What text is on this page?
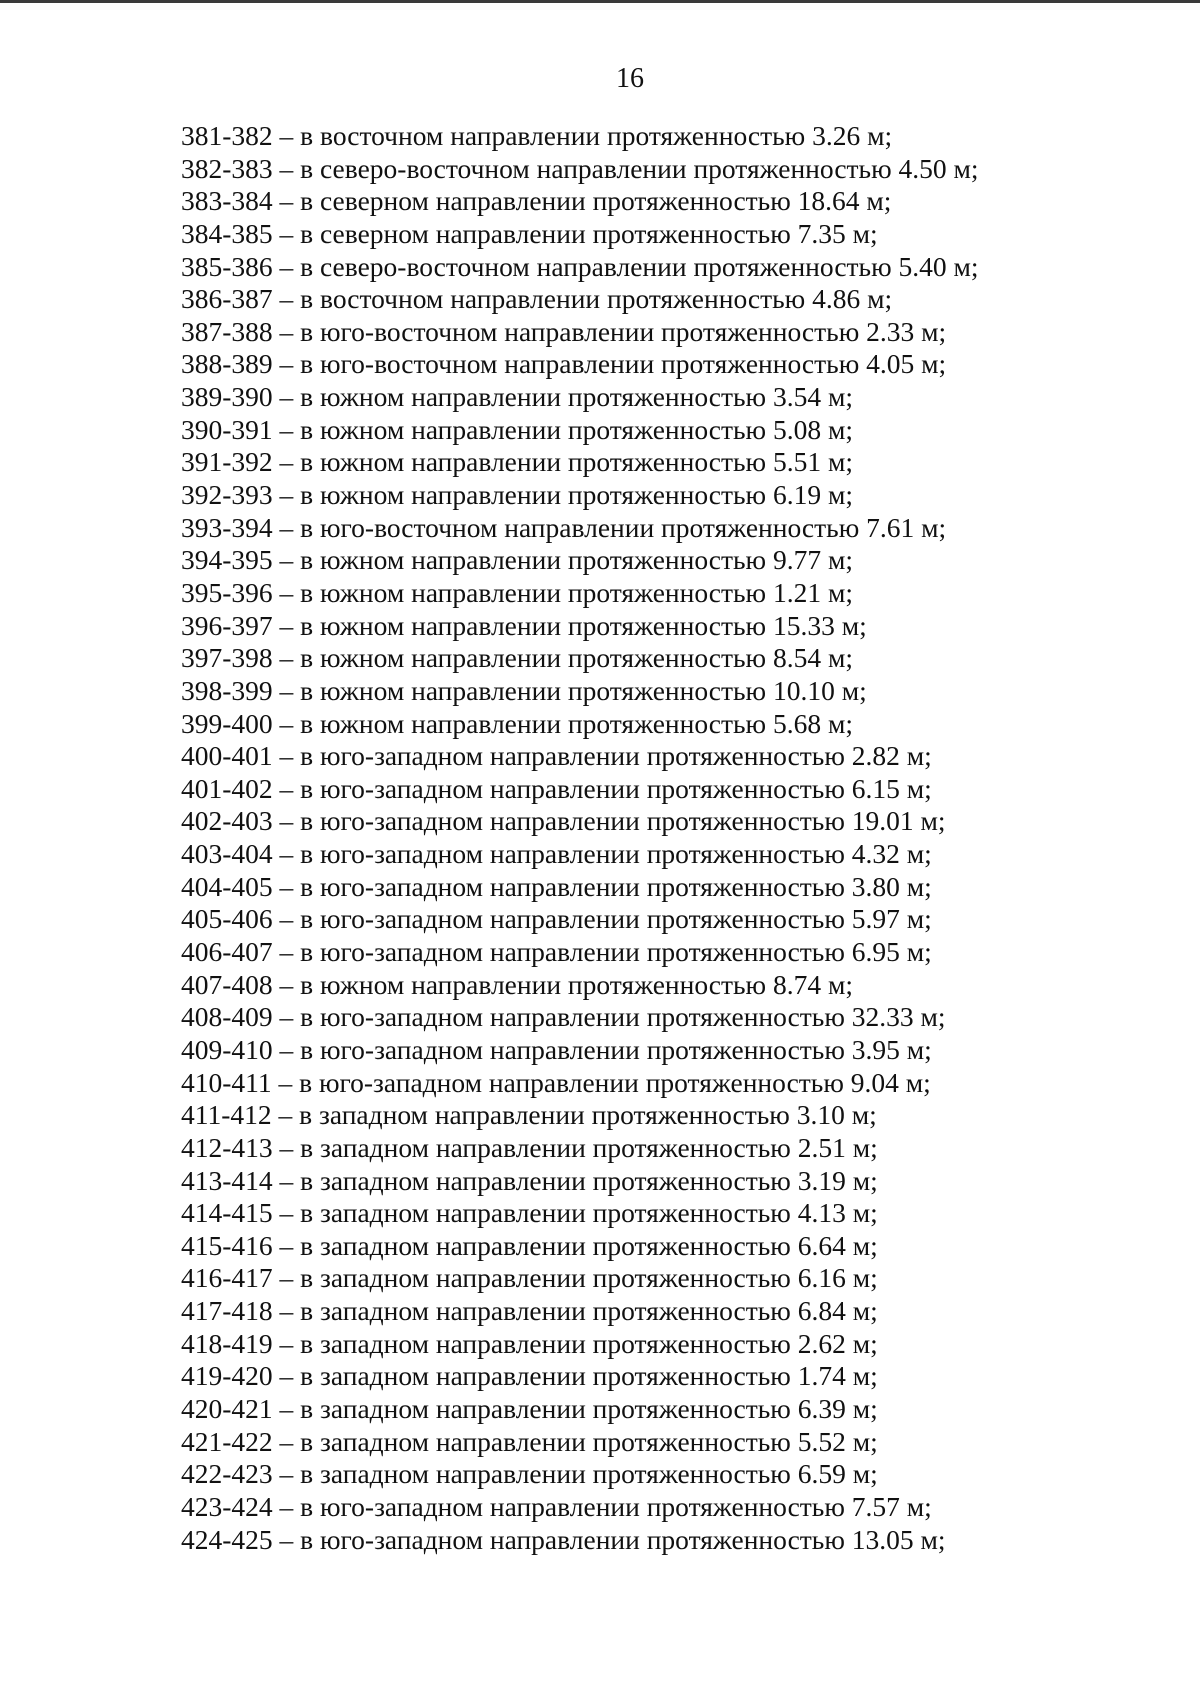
16
381-382 – в восточном направлении протяженностью 3.26 м;
382-383 – в северо-восточном направлении протяженностью 4.50 м;
383-384 – в северном направлении протяженностью 18.64 м;
384-385 – в северном направлении протяженностью 7.35 м;
385-386 – в северо-восточном направлении протяженностью 5.40 м;
386-387 – в восточном направлении протяженностью 4.86 м;
387-388 – в юго-восточном направлении протяженностью 2.33 м;
388-389 – в юго-восточном направлении протяженностью 4.05 м;
389-390 – в южном направлении протяженностью 3.54 м;
390-391 – в южном направлении протяженностью 5.08 м;
391-392 – в южном направлении протяженностью 5.51 м;
392-393 – в южном направлении протяженностью 6.19 м;
393-394 – в юго-восточном направлении протяженностью 7.61 м;
394-395 – в южном направлении протяженностью 9.77 м;
395-396 – в южном направлении протяженностью 1.21 м;
396-397 – в южном направлении протяженностью 15.33 м;
397-398 – в южном направлении протяженностью 8.54 м;
398-399 – в южном направлении протяженностью 10.10 м;
399-400 – в южном направлении протяженностью 5.68 м;
400-401 – в юго-западном направлении протяженностью 2.82 м;
401-402 – в юго-западном направлении протяженностью 6.15 м;
402-403 – в юго-западном направлении протяженностью 19.01 м;
403-404 – в юго-западном направлении протяженностью 4.32 м;
404-405 – в юго-западном направлении протяженностью 3.80 м;
405-406 – в юго-западном направлении протяженностью 5.97 м;
406-407 – в юго-западном направлении протяженностью 6.95 м;
407-408 – в южном направлении протяженностью 8.74 м;
408-409 – в юго-западном направлении протяженностью 32.33 м;
409-410 – в юго-западном направлении протяженностью 3.95 м;
410-411 – в юго-западном направлении протяженностью 9.04 м;
411-412 – в западном направлении протяженностью 3.10 м;
412-413 – в западном направлении протяженностью 2.51 м;
413-414 – в западном направлении протяженностью 3.19 м;
414-415 – в западном направлении протяженностью 4.13 м;
415-416 – в западном направлении протяженностью 6.64 м;
416-417 – в западном направлении протяженностью 6.16 м;
417-418 – в западном направлении протяженностью 6.84 м;
418-419 – в западном направлении протяженностью 2.62 м;
419-420 – в западном направлении протяженностью 1.74 м;
420-421 – в западном направлении протяженностью 6.39 м;
421-422 – в западном направлении протяженностью 5.52 м;
422-423 – в западном направлении протяженностью 6.59 м;
423-424 – в юго-западном направлении протяженностью 7.57 м;
424-425 – в юго-западном направлении протяженностью 13.05 м;
